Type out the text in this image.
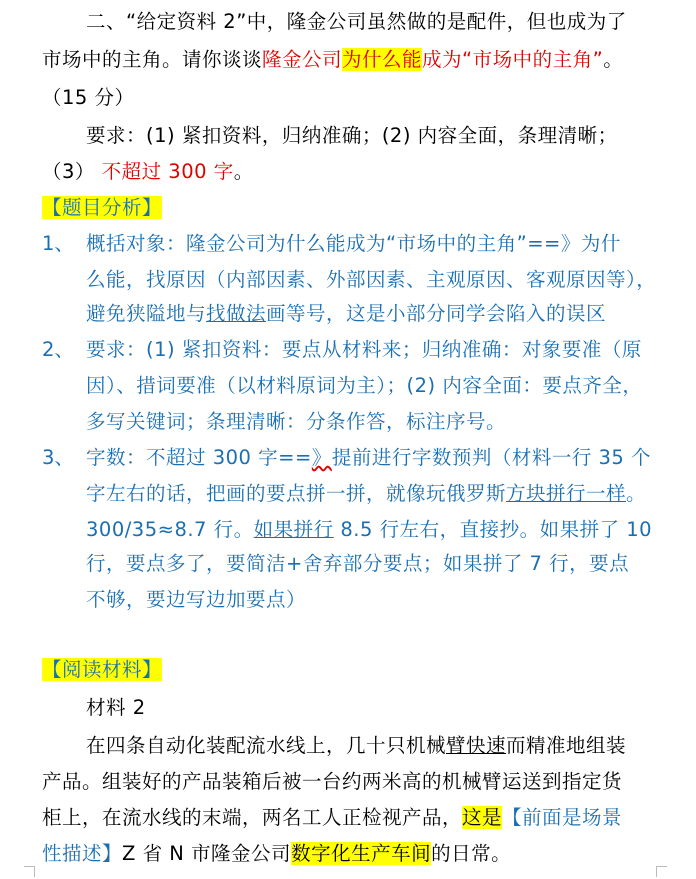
二、“给定资料 2”中，隆金公司虽然做的是配件，但也成为了
市场中的主角。请你谈谈隆金公司为什么能成为“市场中的主角”。
（15 分）
要求：(1) 紧扣资料，归纳准确；(2) 内容全面，条理清晰；
（3） 不超过 300 字。
【题目分析】
1、 概括对象：隆金公司为什么能成为“市场中的主角”==》为什
么能，找原因（内部因素、外部因素、主观原因、客观原因等），
避免狭隘地与找做法画等号，这是小部分同学会陷入的误区
2、 要求：(1) 紧扣资料：要点从材料来；归纳准确：对象要准（原
因）、措词要准（以材料原词为主）；(2) 内容全面：要点齐全，
多写关键词；条理清晰：分条作答，标注序号。
3、 字数：不超过 300 字==》提前进行字数预判（材料一行 35 个
字左右的话，把画的要点拼一拼，就像玩俄罗斯方块拼行一样。
300/35≈8.7 行。如果拼行 8.5 行左右，直接抄。如果拼了 10
行，要点多了，要简洁+舍弃部分要点；如果拼了 7 行，要点
不够，要边写边加要点）
【阅读材料】
材料 2
在四条自动化装配流水线上，几十只机械臂快速而精准地组装
产品。组装好的产品装箱后被一台约两米高的机械臂运送到指定货
柜上，在流水线的末端，两名工人正检视产品，这是【前面是场景
性描述】Z 省 N 市隆金公司数字化生产车间的日常。
